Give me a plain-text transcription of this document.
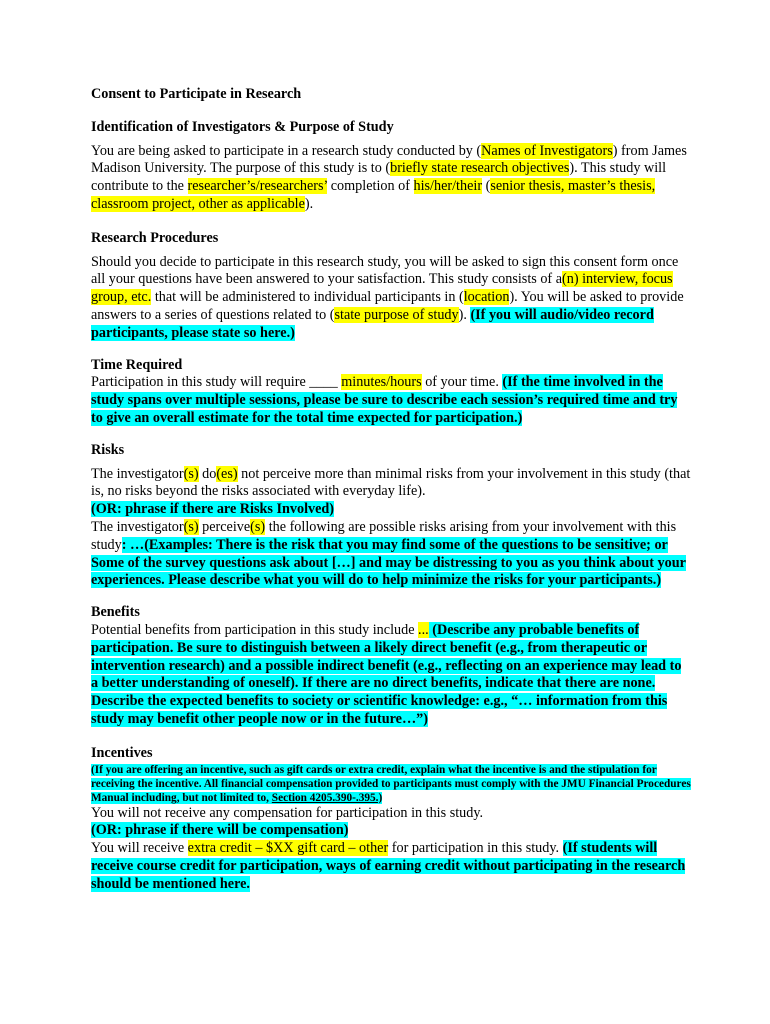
Consent to Participate in Research

Identification of Investigators & Purpose of Study

You are being asked to participate in a research study conducted by (Names of Investigators) from James Madison University. The purpose of this study is to (briefly state research objectives). This study will contribute to the researcher’s/researchers’ completion of his/her/their (senior thesis, master’s thesis, classroom project, other as applicable).

Research Procedures

Should you decide to participate in this research study, you will be asked to sign this consent form once all your questions have been answered to your satisfaction. This study consists of a(n) interview, focus group, etc. that will be administered to individual participants in (location). You will be asked to provide answers to a series of questions related to (state purpose of study). (If you will audio/video record participants, please state so here.)

Time Required

Participation in this study will require ____ minutes/hours of your time. (If the time involved in the study spans over multiple sessions, please be sure to describe each session’s required time and try to give an overall estimate for the total time expected for participation.)

Risks

The investigator(s) do(es) not perceive more than minimal risks from your involvement in this study (that is, no risks beyond the risks associated with everyday life).

(OR: phrase if there are Risks Involved)

The investigator(s) perceive(s) the following are possible risks arising from your involvement with this study: …(Examples: There is the risk that you may find some of the questions to be sensitive; or Some of the survey questions ask about […] and may be distressing to you as you think about your experiences. Please describe what you will do to help minimize the risks for your participants.)

Benefits

Potential benefits from participation in this study include ... (Describe any probable benefits of participation. Be sure to distinguish between a likely direct benefit (e.g., from therapeutic or intervention research) and a possible indirect benefit (e.g., reflecting on an experience may lead to a better understanding of oneself). If there are no direct benefits, indicate that there are none. Describe the expected benefits to society or scientific knowledge: e.g., “… information from this study may benefit other people now or in the future…”)

Incentives

(If you are offering an incentive, such as gift cards or extra credit, explain what the incentive is and the stipulation for receiving the incentive. All financial compensation provided to participants must comply with the JMU Financial Procedures Manual including, but not limited to, Section 4205.390-.395.)

You will not receive any compensation for participation in this study.

(OR: phrase if there will be compensation)

You will receive extra credit – $XX gift card – other for participation in this study. (If students will receive course credit for participation, ways of earning credit without participating in the research should be mentioned here.
